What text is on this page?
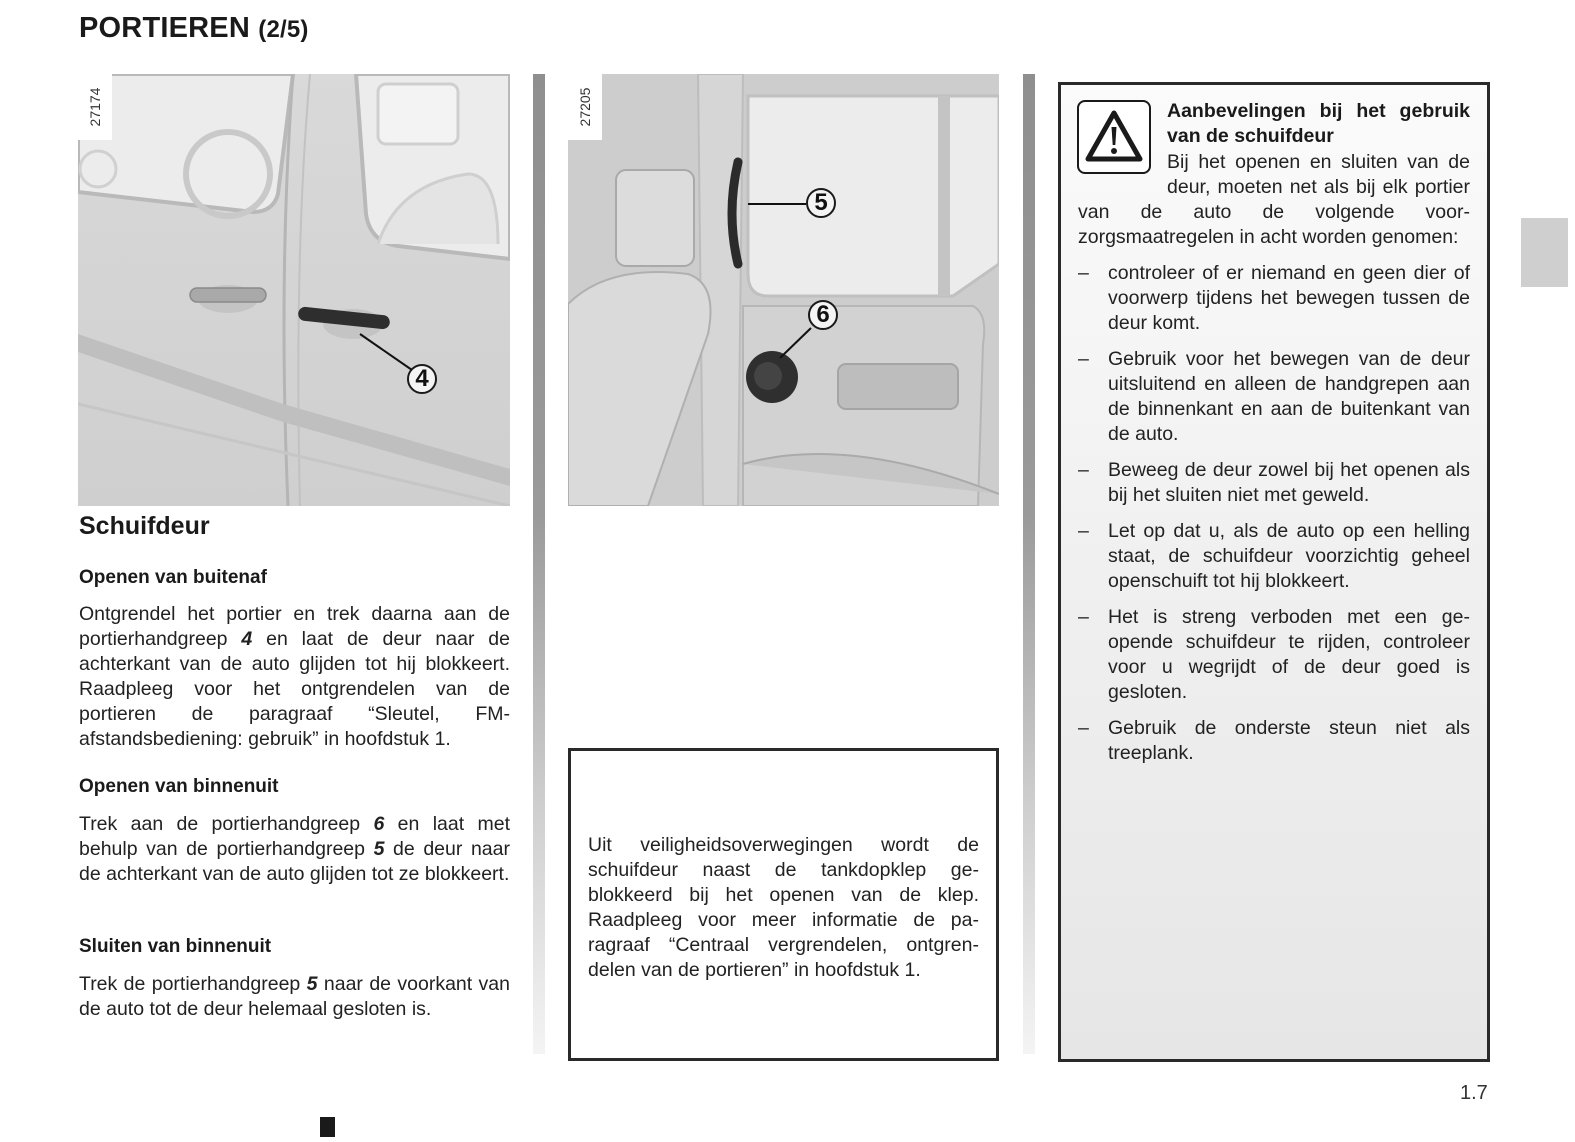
PORTIEREN (2/5)
27174
4
27205
5
6
Schuifdeur
Openen van buitenaf
Ontgrendel het portier en trek daarna aan de portierhandgreep 4 en laat de deur naar de achterkant van de auto glijden tot hij blokkeert. Raadpleeg voor het ontgrendelen van de portieren de paragraaf “Sleutel, FM-afstandsbediening: gebruik” in hoofdstuk 1.
Openen van binnenuit
Trek aan de portierhandgreep 6 en laat met behulp van de portierhandgreep 5 de deur naar de achterkant van de auto glijden tot ze blokkeert.
Sluiten van binnenuit
Trek de portierhandgreep 5 naar de voorkant van de auto tot de deur helemaal gesloten is.
Uit veiligheidsoverwegingen wordt de schuifdeur naast de tankdopklep geblokkeerd bij het openen van de klep. Raadpleeg voor meer informatie de paragraaf “Centraal vergrendelen, ontgrendelen van de portieren” in hoofdstuk 1.
Aanbevelingen bij het gebruik van de schuifdeur
Bij het openen en sluiten van de deur, moeten net als bij elk portier van de auto de volgende voorzorgsmaatregelen in acht worden genomen:
– controleer of er niemand en geen dier of voorwerp tijdens het bewegen tussen de deur komt.
– Gebruik voor het bewegen van de deur uitsluitend en alleen de handgrepen aan de binnenkant en aan de buitenkant van de auto.
– Beweeg de deur zowel bij het openen als bij het sluiten niet met geweld.
– Let op dat u, als de auto op een helling staat, de schuifdeur voorzichtig geheel openschuift tot hij blokkeert.
– Het is streng verboden met een geopende schuifdeur te rijden, controleer voor u wegrijdt of de deur goed is gesloten.
– Gebruik de onderste steun niet als treeplank.
1.7
